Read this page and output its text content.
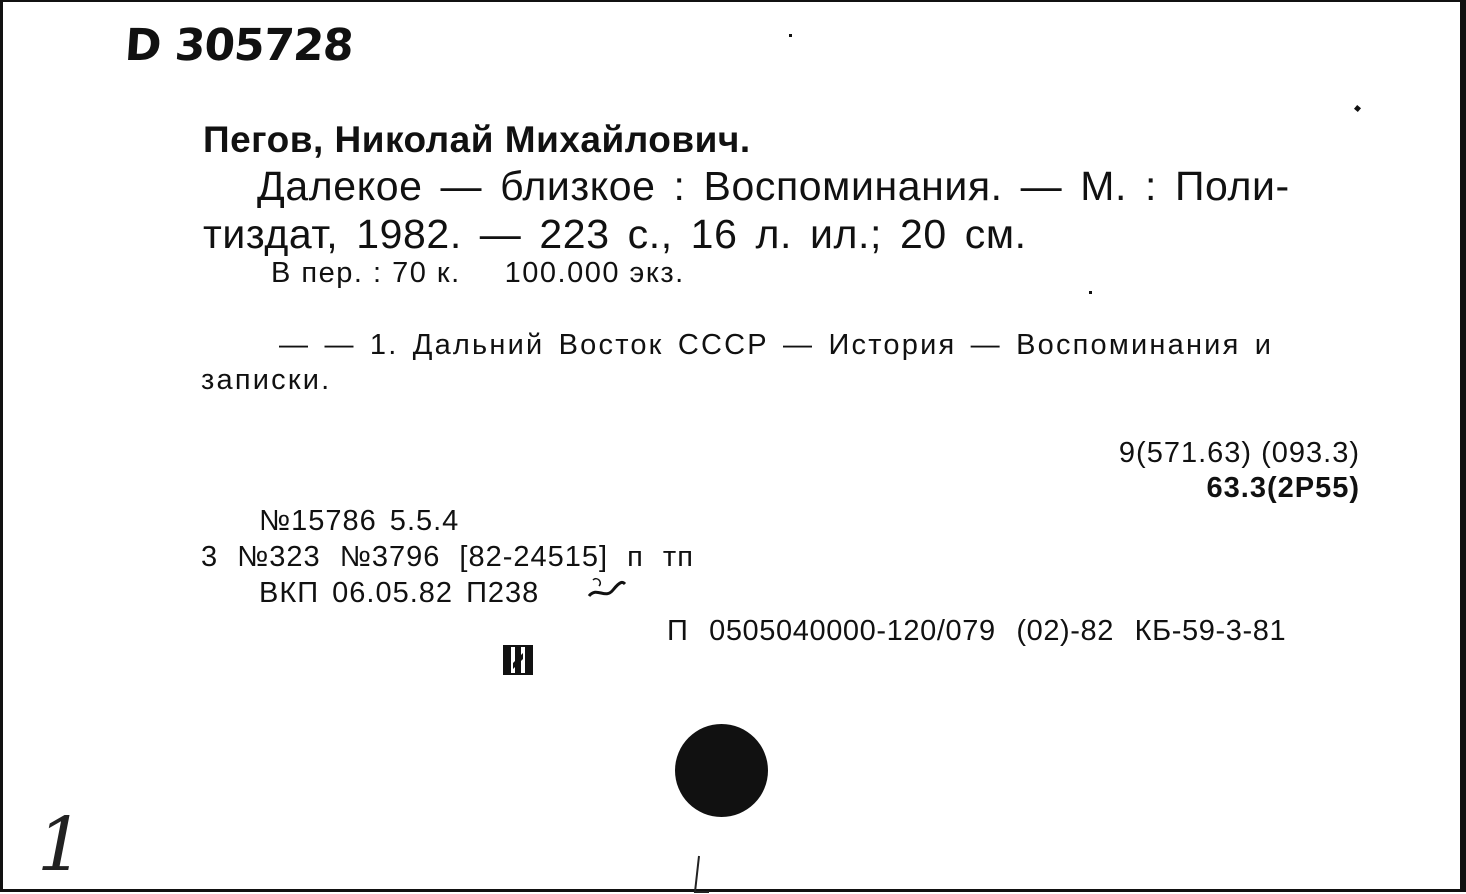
D 305728
Пегов, Николай Михайлович.
Далекое — близкое : Воспоминания. — М. : Поли-
тиздат, 1982. — 223 с., 16 л. ил.; 20 см.
В пер. : 70 к. 100.000 экз.
— — 1. Дальний Восток СССР — История — Воспоминания и
записки.
9(571.63) (093.3)
63.3(2Р55)
№15786 5.5.4
3 №323 №3796 [82-24515] п тп
ВКП 06.05.82 П238
П 0505040000-120/079 (02)-82 КБ-59-3-81
1
